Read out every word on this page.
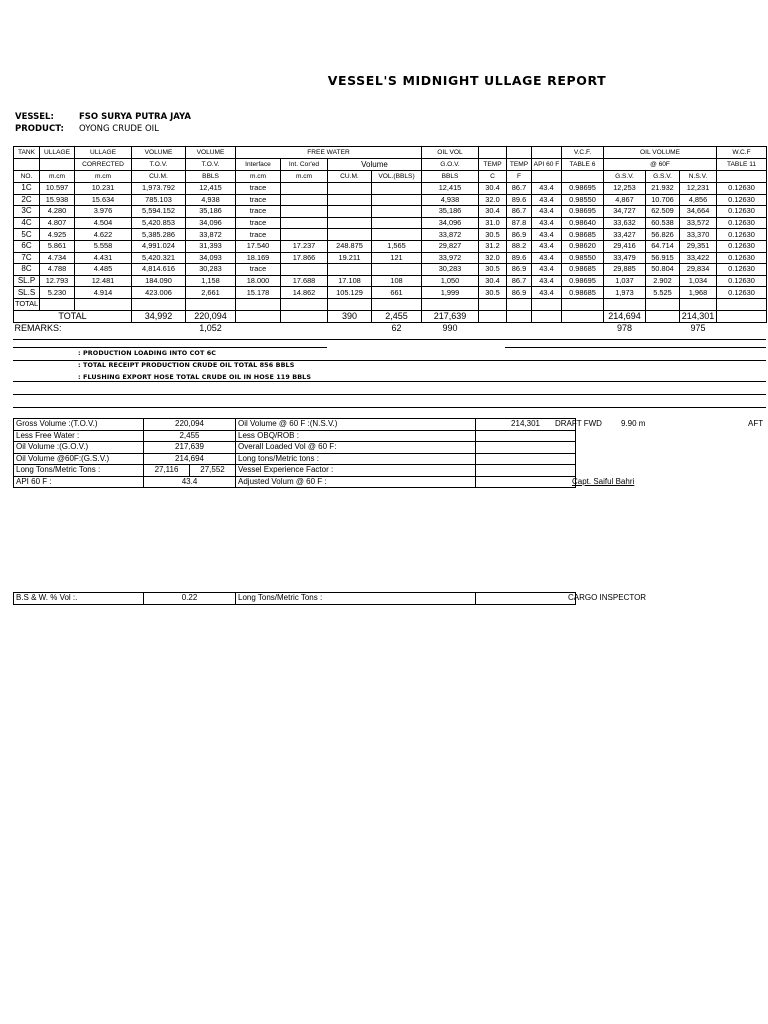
VESSEL'S MIDNIGHT ULLAGE REPORT
VESSEL:	FSO SURYA PUTRA JAYA
PRODUCT: OYONG CRUDE OIL
TANK	ULLAGE	ULLAGE	VOLUME	VOLUME	FREE WATER				OIL VOL				V.C.F.	OIL VOLUME			W.C.F
		CORRECTED	T.O.V.	T.O.V.	Interface	Int. Cor'ed	Volume		G.O.V.	TEMP	TEMP	API 60 F	TABLE 6	@ 60F			TABLE 11
NO.	m.cm	m.cm	CU.M.	BBLS	m.cm	m.cm	CU.M.	VOL.(BBLS)	BBLS	C	F			G.S.V.	G.S.V.	N.S.V.	
1C	10.597	10.231	1,973.792	12,415	trace				12,415	30.4	86.7	43.4	0.98695	12,253	21.932	12,231	0.12630
2C	15.938	15.634	785.103	4,938	trace				4,938	32.0	89.6	43.4	0.98550	4,867	10.706	4,856	0.12630
3C	4.280	3.976	5,594.152	35,186	trace				35,186	30.4	86.7	43.4	0.98695	34,727	62.509	34,664	0.12630
4C	4.807	4.504	5,420.853	34,096	trace				34,096	31.0	87.8	43.4	0.98640	33,632	60.538	33,572	0.12630
5C	4.925	4.622	5,385.286	33,872	trace				33,872	30.5	86.9	43.4	0.98685	33,427	56.826	33,370	0.12630
6C	5.861	5.558	4,991.024	31,393	17.540	17.237	248.875	1,565	29,827	31.2	88.2	43.4	0.98620	29,416	64.714	29,351	0.12630
7C	4.734	4.431	5,420.321	34,093	18.169	17.866	19.211	121	33,972	32.0	89.6	43.4	0.98550	33,479	56.915	33,422	0.12630
8C	4.788	4.485	4,814.616	30,283	trace				30,283	30.5	86.9	43.4	0.98685	29,885	50.804	29,834	0.12630
SL.P	12.793	12.481	184.090	1,158	18.000	17.688	17.108	108	1,050	30.4	86.7	43.4	0.98695	1,037	2.902	1,034	0.12630
SL.S	5.230	4.914	423.006	2,661	15.178	14.862	105.129	661	1,999	30.5	86.9	43.4	0.98685	1,973	5.525	1,968	0.12630
TOTAL																	
TOTAL			34,992	220,094			390	2,455	217,639					214,694		214,301	
REMARKS:				1,052				62	990					978		975	
: PRODUCTION LOADING INTO COT 6C
: TOTAL RECEIPT PRODUCTION CRUDE OIL TOTAL 856 BBLS
: FLUSHING EXPORT HOSE TOTAL CRUDE OIL IN HOSE 119 BBLS
Gross Volume :(T.O.V.)	220,094		Oil Volume @ 60 F :(N.S.V.)	214,301
Less Free Water :	2,455		Less OBQ/ROB :	
Oil Volume :(G.O.V.)	217,639		Overall Loaded Vol @ 60 F:	
Oil Volume @60F:(G.S.V.)	214,694		Long tons/Metric tons :	
Long Tons/Metric Tons :	27,116	27,552	Vessel Experience Factor :	
API 60 F :	43.4		Adjusted Volum @ 60 F :	
DRAFT FWD 9.90 m	AFT
Capt. Saiful Bahri
B.S & W. % Vol :.	0.22	Long Tons/Metric Tons :		CARGO INSPECTOR
